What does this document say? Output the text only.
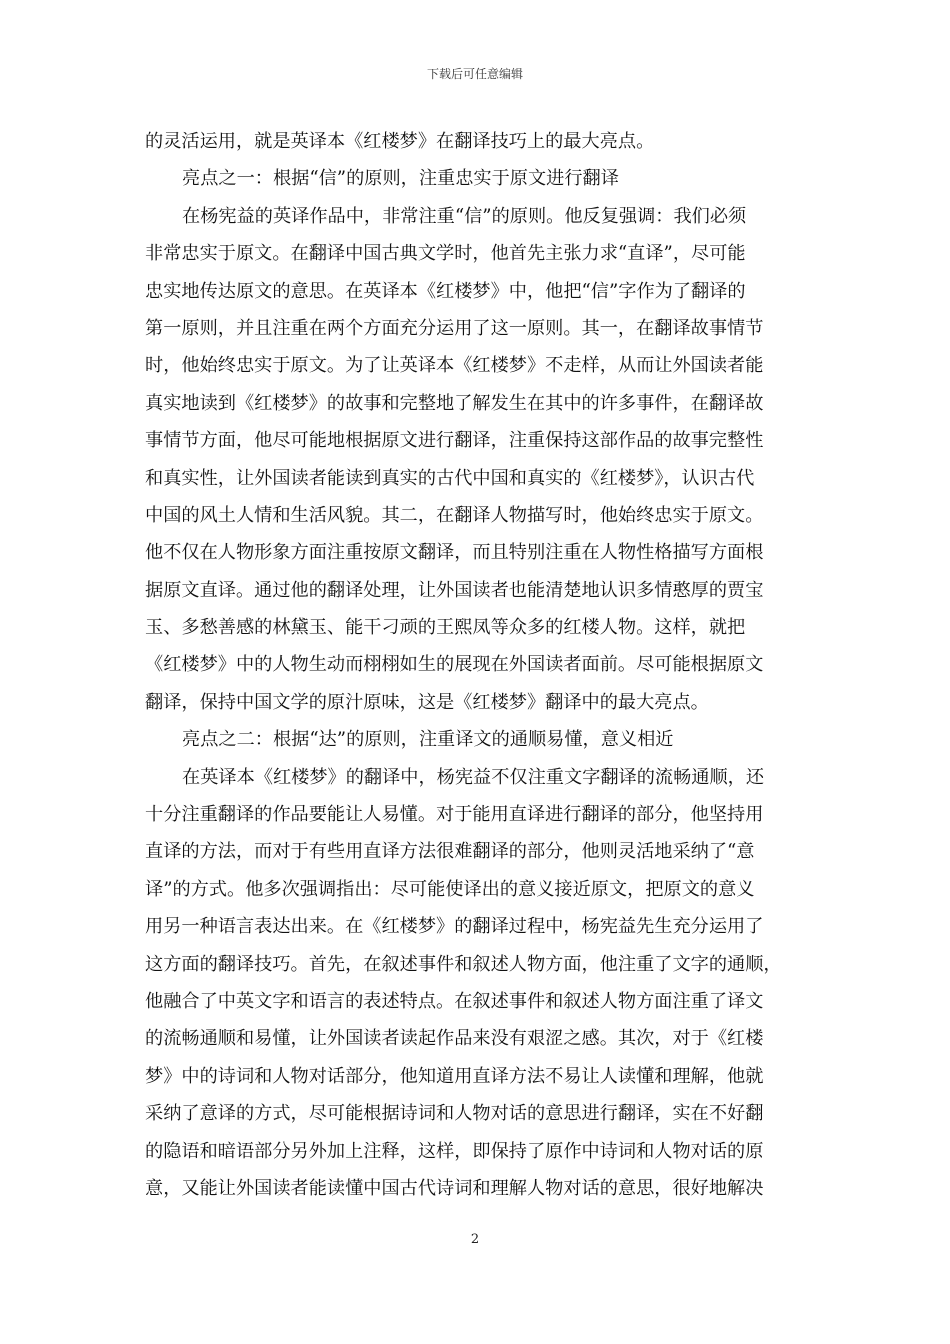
下载后可任意编辑
的灵活运用，就是英译本《红楼梦》在翻译技巧上的最大亮点。
亮点之一：根据“信”的原则，注重忠实于原文进行翻译
在杨宪益的英译作品中，非常注重“信”的原则。他反复强调：我们必须
非常忠实于原文。在翻译中国古典文学时，他首先主张力求“直译”，尽可能
忠实地传达原文的意思。在英译本《红楼梦》中，他把“信”字作为了翻译的
第一原则，并且注重在两个方面充分运用了这一原则。其一，在翻译故事情节
时，他始终忠实于原文。为了让英译本《红楼梦》不走样，从而让外国读者能
真实地读到《红楼梦》的故事和完整地了解发生在其中的许多事件，在翻译故
事情节方面，他尽可能地根据原文进行翻译，注重保持这部作品的故事完整性
和真实性，让外国读者能读到真实的古代中国和真实的《红楼梦》，认识古代
中国的风土人情和生活风貌。其二，在翻译人物描写时，他始终忠实于原文。
他不仅在人物形象方面注重按原文翻译，而且特别注重在人物性格描写方面根
据原文直译。通过他的翻译处理，让外国读者也能清楚地认识多情憨厚的贾宝
玉、多愁善感的林黛玉、能干刁顽的王熙凤等众多的红楼人物。这样，就把
《红楼梦》中的人物生动而栩栩如生的展现在外国读者面前。尽可能根据原文
翻译，保持中国文学的原汁原味，这是《红楼梦》翻译中的最大亮点。
亮点之二：根据“达”的原则，注重译文的通顺易懂，意义相近
在英译本《红楼梦》的翻译中，杨宪益不仅注重文字翻译的流畅通顺，还
十分注重翻译的作品要能让人易懂。对于能用直译进行翻译的部分，他坚持用
直译的方法，而对于有些用直译方法很难翻译的部分，他则灵活地采纳了“意
译”的方式。他多次强调指出：尽可能使译出的意义接近原文，把原文的意义
用另一种语言表达出来。在《红楼梦》的翻译过程中，杨宪益先生充分运用了
这方面的翻译技巧。首先，在叙述事件和叙述人物方面，他注重了文字的通顺，
他融合了中英文字和语言的表述特点。在叙述事件和叙述人物方面注重了译文
的流畅通顺和易懂，让外国读者读起作品来没有艰涩之感。其次，对于《红楼
梦》中的诗词和人物对话部分，他知道用直译方法不易让人读懂和理解，他就
采纳了意译的方式，尽可能根据诗词和人物对话的意思进行翻译，实在不好翻
的隐语和暗语部分另外加上注释，这样，即保持了原作中诗词和人物对话的原
意，又能让外国读者能读懂中国古代诗词和理解人物对话的意思，很好地解决
2
